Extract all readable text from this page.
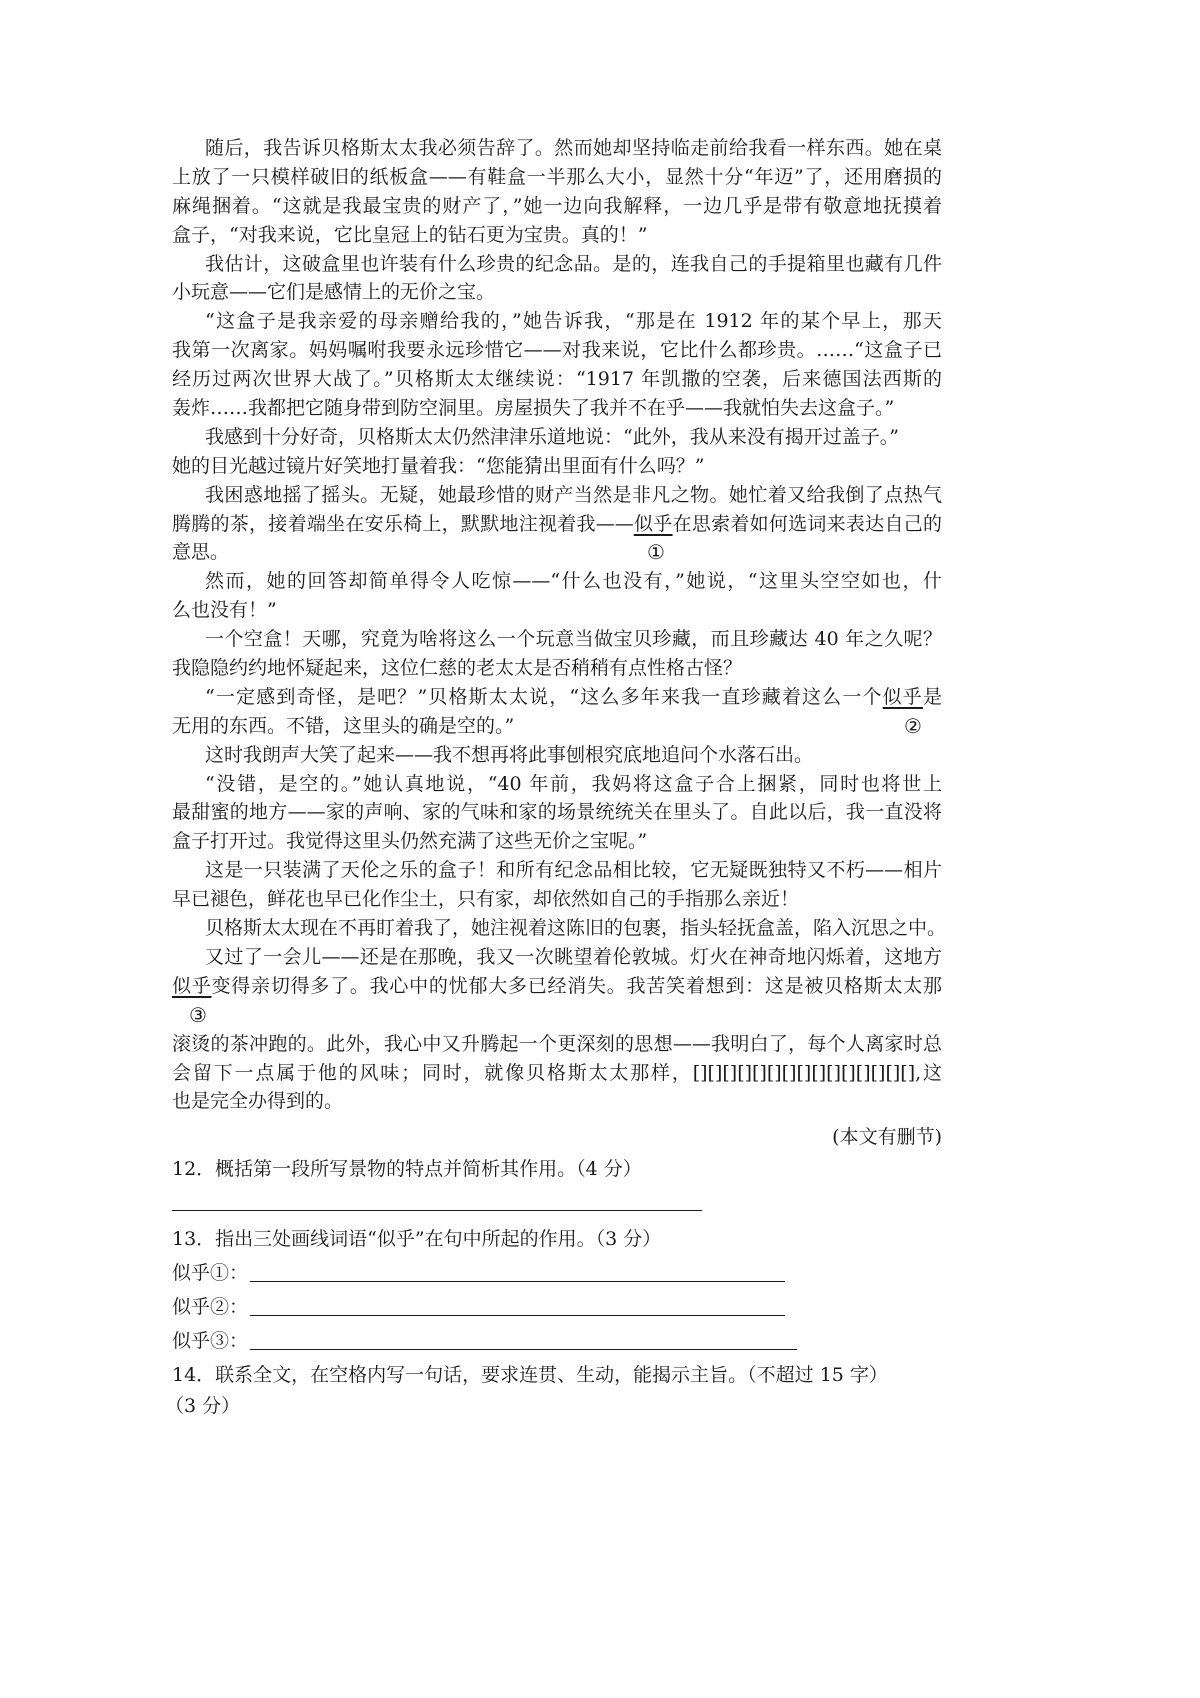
随后，我告诉贝格斯太太我必须告辞了。然而她却坚持临走前给我看一样东西。她在桌
上放了一只模样破旧的纸板盒——有鞋盒一半那么大小，显然十分“年迈”了，还用磨损的
麻绳捆着。“这就是我最宝贵的财产了，”她一边向我解释，一边几乎是带有敬意地抚摸着
盒子，“对我来说，它比皇冠上的钻石更为宝贵。真的！”
我估计，这破盒里也许装有什么珍贵的纪念品。是的，连我自己的手提箱里也藏有几件
小玩意——它们是感情上的无价之宝。
“这盒子是我亲爱的母亲赠给我的，”她告诉我，“那是在 1912 年的某个早上，那天
我第一次离家。妈妈嘱咐我要永远珍惜它——对我来说，它比什么都珍贵。……“这盒子已
经历过两次世界大战了。”贝格斯太太继续说：“1917 年凯撒的空袭，后来德国法西斯的
轰炸……我都把它随身带到防空洞里。房屋损失了我并不在乎——我就怕失去这盒子。”
我感到十分好奇，贝格斯太太仍然津津乐道地说：“此外，我从来没有揭开过盖子。”
她的目光越过镜片好笑地打量着我：“您能猜出里面有什么吗？”
我困惑地摇了摇头。无疑，她最珍惜的财产当然是非凡之物。她忙着又给我倒了点热气
腾腾的茶，接着端坐在安乐椅上，默默地注视着我——似乎在思索着如何选词来表达自己的
意思。	①
然而，她的回答却简单得令人吃惊——“什么也没有，”她说，“这里头空空如也，什
么也没有！”
一个空盒！天哪，究竟为啥将这么一个玩意当做宝贝珍藏，而且珍藏达 40 年之久呢？
我隐隐约约地怀疑起来，这位仁慈的老太太是否稍稍有点性格古怪？
“一定感到奇怪，是吧？”贝格斯太太说，“这么多年来我一直珍藏着这么一个似乎是
无用的东西。不错，这里头的确是空的。”	②
这时我朗声大笑了起来——我不想再将此事刨根究底地追问个水落石出。
“没错，是空的。”她认真地说，“40 年前，我妈将这盒子合上捆紧，同时也将世上
最甜蜜的地方——家的声响、家的气味和家的场景统统关在里头了。自此以后，我一直没将
盒子打开过。我觉得这里头仍然充满了这些无价之宝呢。”
这是一只装满了天伦之乐的盒子！和所有纪念品相比较，它无疑既独特又不朽——相片
早已褪色，鲜花也早已化作尘土，只有家，却依然如自己的手指那么亲近！
贝格斯太太现在不再盯着我了，她注视着这陈旧的包裹，指头轻抚盒盖，陷入沉思之中。
又过了一会儿——还是在那晚，我又一次眺望着伦敦城。灯火在神奇地闪烁着，这地方
似乎变得亲切得多了。我心中的忧郁大多已经消失。我苦笑着想到：这是被贝格斯太太那
③
滚烫的茶冲跑的。此外，我心中又升腾起一个更深刻的思想——我明白了，每个人离家时总
会留下一点属于他的风味；同时，就像贝格斯太太那样，[][][][][][][][][][][][][][][],这
也是完全办得到的。
(本文有删节)
12．概括第一段所写景物的特点并简析其作用。（4 分）
13．指出三处画线词语“似乎”在句中所起的作用。（3 分）
似乎①：
似乎②：
似乎③：
14．联系全文，在空格内写一句话，要求连贯、生动，能揭示主旨。（不超过 15 字）
（3 分）
